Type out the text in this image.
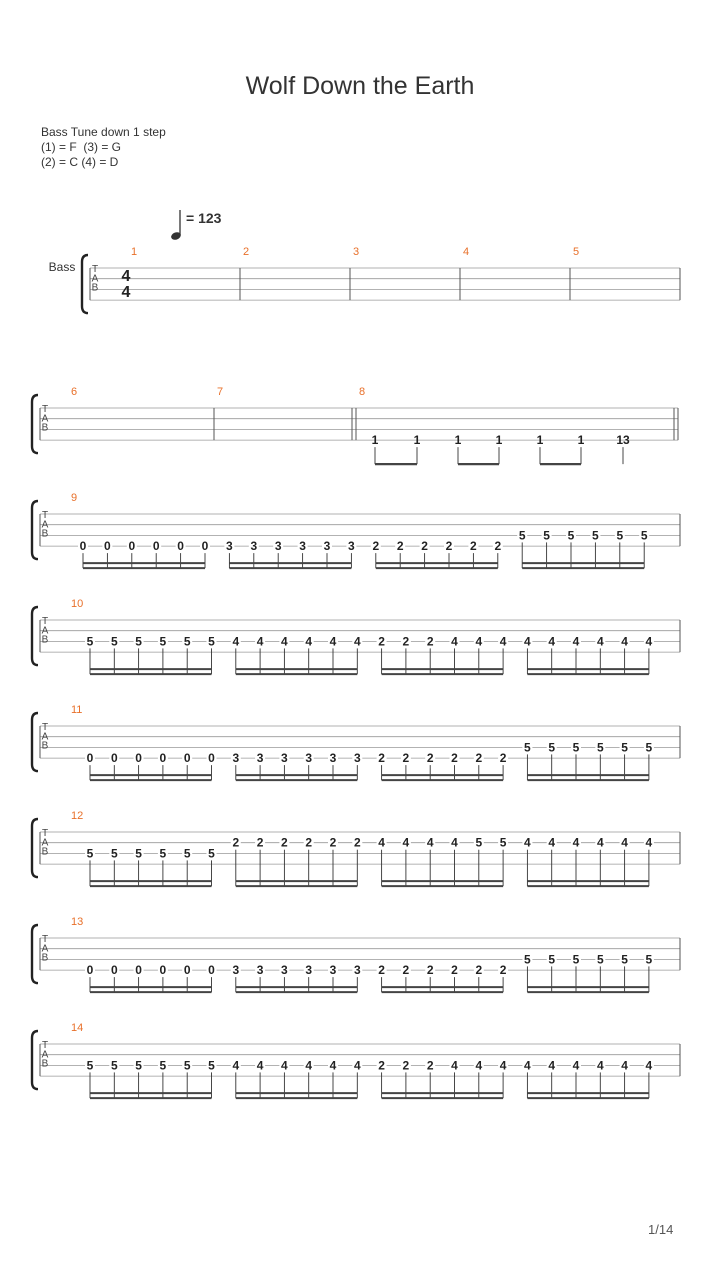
Wolf Down the Earth
Bass Tune down 1 step
(1) = F  (3) = G
(2) = C (4) = D
= 123
T
A
B
Bass
4
4
1	2	3	4	5
T
A
B
6	7	8
1	1	1	1	1	1	13
T
A
B
9
0 0 0 0 0 0 3 3 3 3 3 3 2 2 2 2 2 2
5 5 5 5 5 5
T
A
B
10
5 5 5 5 5 5 4 4 4 4 4 4 2 2 2 4 4 4 4 4 4 4 4 4
T
A
B
11
0 0 0 0 0 0 3 3 3 3 3 3 2 2 2 2 2 2
5 5 5 5 5 5
T
A
B
12
5 5 5 5 5 5
2 2 2 2 2 2 4 4 4 4 5 5 4 4 4 4 4 4
T
A
B
13
0 0 0 0 0 0 3 3 3 3 3 3 2 2 2 2 2 2
5 5 5 5 5 5
T
A
B
14
5 5 5 5 5 5 4 4 4 4 4 4 2 2 2 4 4 4 4 4 4 4 4 4
1/14
